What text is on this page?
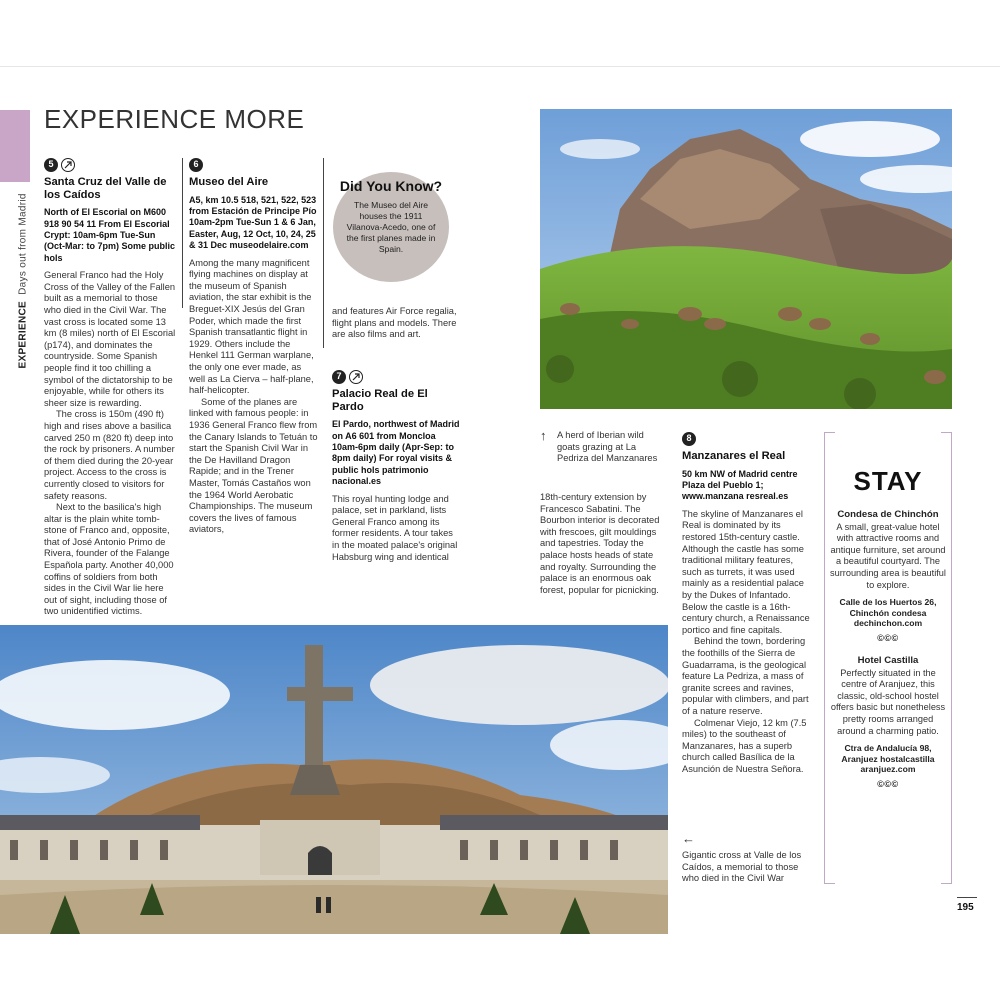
EXPERIENCE  Days out from Madrid
EXPERIENCE MORE
5
Santa Cruz del Valle de los Caídos
North of El Escorial on M600 918 90 54 11 From El Escorial Crypt: 10am-6pm Tue-Sun (Oct-Mar: to 7pm) Some public hols

General Franco had the Holy Cross of the Valley of the Fallen built as a memorial to those who died in the Civil War. The vast cross is located some 13 km (8 miles) north of El Escorial (p174), and dominates the countryside. Some Spanish people find it too chilling a symbol of the dictatorship to be enjoyable, while for others its sheer size is rewarding.

The cross is 150m (490 ft) high and rises above a basilica carved 250 m (820 ft) deep into the rock by prisoners. A number of them died during the 20-year project. Access to the cross is currently closed to visitors for safety reasons.

Next to the basilica's high altar is the plain white tomb-stone of Franco and, opposite, that of José Antonio Primo de Rivera, founder of the Falange Española party. Another 40,000 coffins of soldiers from both sides in the Civil War lie here out of sight, including those of two unidentified victims.

6
Museo del Aire
A5, km 10.5 518, 521, 522, 523 from Estación de Principe Pío 10am-2pm Tue-Sun 1 & 6 Jan, Easter, Aug, 12 Oct, 10, 24, 25 & 31 Dec museodelaire.com

Among the many magnificent flying machines on display at the museum of Spanish aviation, the star exhibit is the Breguet-XIX Jesús del Gran Poder, which made the first Spanish transatlantic flight in 1929. Others include the Henkel 111 German warplane, the only one ever made, as well as La Cierva – half-plane, half-helicopter.

Some of the planes are linked with famous people: in 1936 General Franco flew from the Canary Islands to Tetuán to start the Spanish Civil War in the De Havilland Dragon Rapide; and in the Trener Master, Tomás Castaños won the 1964 World Aerobatic Championships. The museum covers the lives of famous aviators,

Did You Know?
The Museo del Aire houses the 1911 Vilanova-Acedo, one of the first planes made in Spain.

and features Air Force regalia, flight plans and models. There are also films and art.

7
Palacio Real de El Pardo
El Pardo, northwest of Madrid on A6 601 from Moncloa 10am-6pm daily (Apr-Sep: to 8pm daily) For royal visits & public hols patrimonio nacional.es

This royal hunting lodge and palace, set in parkland, lists General Franco among its former residents. A tour takes in the moated palace's original Habsburg wing and identical

↑ A herd of Iberian wild goats grazing at La Pedriza del Manzanares

18th-century extension by Francesco Sabatini. The Bourbon interior is decorated with frescoes, gilt mouldings and tapestries. Today the palace hosts heads of state and royalty. Surrounding the palace is an enormous oak forest, popular for picnicking.

8
Manzanares el Real
50 km NW of Madrid centre Plaza del Pueblo 1; www.manzana resreal.es

The skyline of Manzanares el Real is dominated by its restored 15th-century castle. Although the castle has some traditional military features, such as turrets, it was used mainly as a residential palace by the Dukes of Infantado. Below the castle is a 16th-century church, a Renaissance portico and fine capitals.

Behind the town, bordering the foothills of the Sierra de Guadarrama, is the geological feature La Pedriza, a mass of granite screes and ravines, popular with climbers, and part of a nature reserve.

Colmenar Viejo, 12 km (7.5 miles) to the southeast of Manzanares, has a superb church called Basílica de la Asunción de Nuestra Señora.

←
Gigantic cross at Valle de los Caídos, a memorial to those who died in the Civil War
STAY
Condesa de Chinchón
A small, great-value hotel with attractive rooms and antique furniture, set around a beautiful courtyard. The surrounding area is beautiful to explore.
Calle de los Huertos 26, Chinchón condesa dechinchon.com
©©©
Hotel Castilla
Perfectly situated in the centre of Aranjuez, this classic, old-school hostel offers basic but nonetheless pretty rooms arranged around a charming patio.
Ctra de Andalucía 98, Aranjuez hostalcastilla aranjuez.com
©©©
195
